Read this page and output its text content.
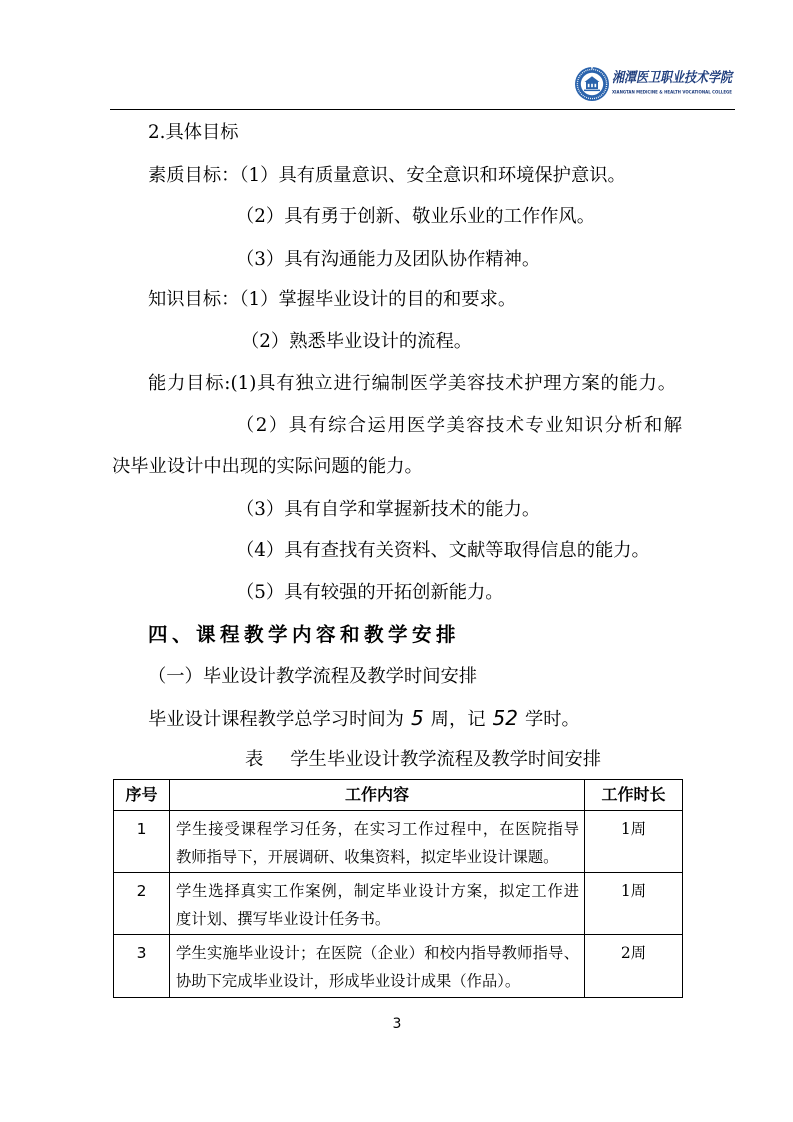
湘潭医卫职业技术学院
XIANGTAN MEDICINE & HEALTH VOCATIONAL COLLEGE
2.具体目标
素质目标：（1）具有质量意识、安全意识和环境保护意识。
（2）具有勇于创新、敬业乐业的工作作风。
（3）具有沟通能力及团队协作精神。
知识目标：（1）掌握毕业设计的目的和要求。
（2）熟悉毕业设计的流程。
能力目标:(1)具有独立进行编制医学美容技术护理方案的能力。
（2）具有综合运用医学美容技术专业知识分析和解
决毕业设计中出现的实际问题的能力。
（3）具有自学和掌握新技术的能力。
（4）具有查找有关资料、文献等取得信息的能力。
（5）具有较强的开拓创新能力。
四、课程教学内容和教学安排
（一）毕业设计教学流程及教学时间安排
毕业设计课程教学总学习时间为 5 周，记 52 学时。
表 学生毕业设计教学流程及教学时间安排
序号	工作内容	工作时长
1	学生接受课程学习任务，在实习工作过程中，在医院指导
教师指导下，开展调研、收集资料，拟定毕业设计课题。	1周
2	学生选择真实工作案例，制定毕业设计方案，拟定工作进
度计划、撰写毕业设计任务书。	1周
3	学生实施毕业设计；在医院（企业）和校内指导教师指导、
协助下完成毕业设计，形成毕业设计成果（作品）。	2周
3
